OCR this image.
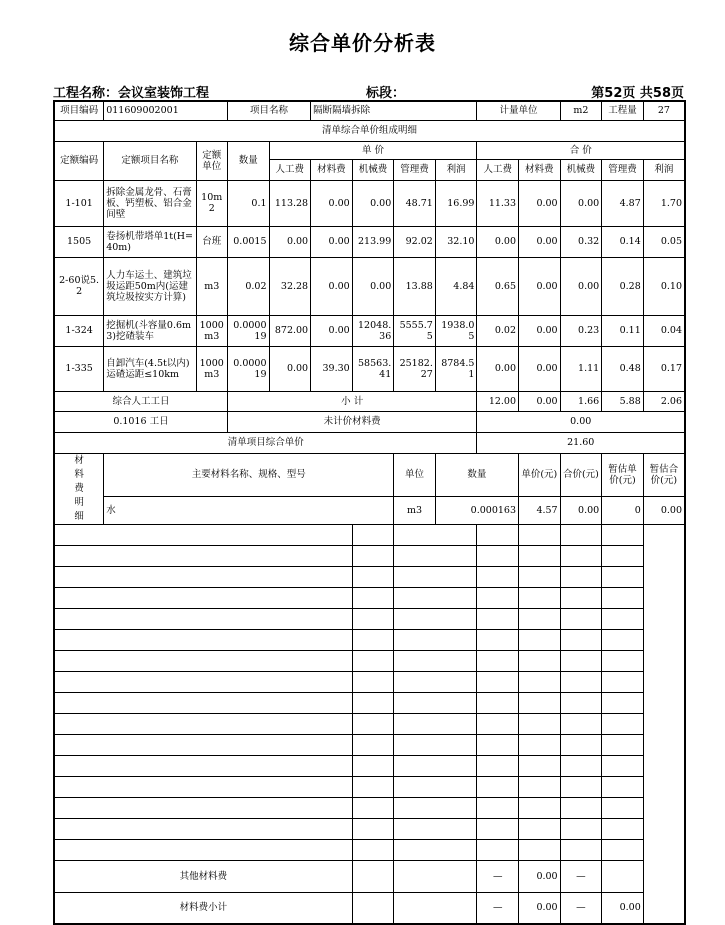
综合单价分析表
工程名称：会议室装饰工程	标段：	第52页 共58页
项目编码	011609002001		项目名称		隔断隔墙拆除				计量单位		m2	工程量	27
清单综合单价组成明细													
定额编码	定额项目名称	定额单位	数量	单 价					合 价				
				人工费	材料费	机械费	管理费	利润	人工费	材料费	机械费	管理费	利润
1-101	拆除金属龙骨、石膏板、钙塑板、铝合金间壁	10m2	0.1	113.28	0.00	0.00	48.71	16.99	11.33	0.00	0.00	4.87	1.70
1505	卷扬机带塔单1t(H=40m)	台班	0.0015	0.00	0.00	213.99	92.02	32.10	0.00	0.00	0.32	0.14	0.05
2-60说5.2	人力车运土、建筑垃圾运距50m内(运建筑垃圾按实方计算)	m3	0.02	32.28	0.00	0.00	13.88	4.84	0.65	0.00	0.00	0.28	0.10
1-324	挖掘机(斗容量0.6m3)挖碴装车	1000m3	0.000019	872.00	0.00	12048.36	5555.75	1938.05	0.02	0.00	0.23	0.11	0.04
1-335	自卸汽车(4.5t以内)运碴运距≤10km	1000m3	0.000019	0.00	39.30	58563.41	25182.27	8784.51	0.00	0.00	1.11	0.48	0.17
综合人工工日			小 计						12.00	0.00	1.66	5.88	2.06
0.1016 工日			未计价材料费						0.00				
清单项目综合单价									21.60				
材料费明细	主要材料名称、规格、型号						单位	数量		单价(元)	合价(元)	暂估单价(元)	暂估合价(元)
	水						m3	0.000163		4.57	0.00	0	0.00

其他材料费									—	0.00	—		
材料费小计									—	0.00	—	0.00	
